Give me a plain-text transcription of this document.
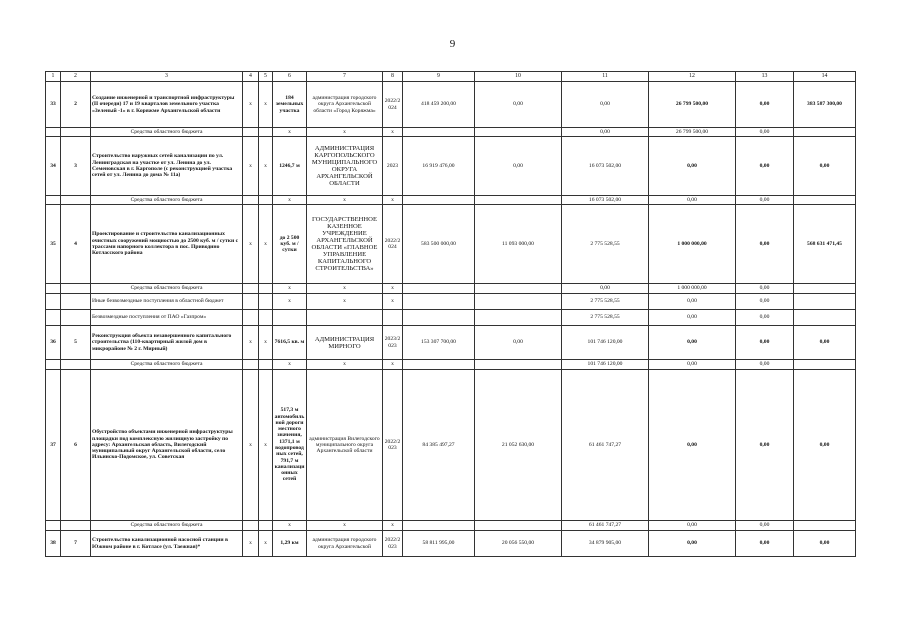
9
1	2	3	4	5	6	7	8	9	10	11	12	13	14
33	2	Создание инженерной и транспортной инфраструктуры (II очереди) 17 и 19 кварталов земельного участка «Зеленый -1» в г. Коряжме Архангельской области	х	х	184 земельных участка	администрация городского округа Архангельской области «Город Коряжма»	2022/2024	418 459 200,00	0,00	0,00	26 799 500,00	0,00	383 587 300,00
		Средства областного бюджета			х	х	х			0,00	26 799 500,00	0,00	
34	3	Строительство наружных сетей канализации по ул. Ленинградская на участке от ул. Ленина до ул. Семеновская в г. Каргополе (с реконструкцией участка сетей от ул. Ленина до дома № 11а)	х	х	1246,7 м	АДМИНИСТРАЦИЯ КАРГОПОЛЬСКОГО МУНИЦИПАЛЬНОГО ОКРУГА АРХАНГЕЛЬСКОЙ ОБЛАСТИ	2023	16 919 476,00	0,00	16 073 502,00	0,00	0,00	0,00
		Средства областного бюджета			х	х	х			16 073 502,00	0,00	0,00	
35	4	Проектирование и строительство канализационных очистных сооружений мощностью до 2500 куб. м / сутки с трассами напорного коллектора в пос. Приводино Котласского района	х	х	до 2 500 куб. м / сутки	ГОСУДАРСТВЕННОЕ КАЗЕННОЕ УЧРЕЖДЕНИЕ АРХАНГЕЛЬСКОЙ ОБЛАСТИ «ГЛАВНОЕ УПРАВЛЕНИЕ КАПИТАЛЬНОГО СТРОИТЕЛЬСТВА»	2022/2024	583 500 000,00	11 093 000,00	2 775 528,55	1 000 000,00	0,00	568 631 471,45
		Средства областного бюджета			х	х	х			0,00	1 000 000,00	0,00	
		Иные безвозмездные поступления в областной бюджет			х	х	х			2 775 528,55	0,00	0,00	
		Безвозмездные поступления от ПАО «Газпром»								2 775 528,55	0,00	0,00	
36	5	Реконструкция объекта незавершенного капитального строительства (110-квартирный жилой дом в микрорайоне № 2 г. Мирный)	х	х	7616,5 кв. м	АДМИНИСТРАЦИЯ МИРНОГО	2023/2023	153 307 700,00	0,00	101 746 120,00	0,00	0,00	0,00
		Средства областного бюджета			х	х	х			101 746 120,00	0,00	0,00	
37	6	Обустройство объектами инженерной инфраструктуры площадки под комплексную жилищную застройку по адресу: Архангельская область, Вилегодский муниципальный округ Архангельской области, село Ильинско-Подомское, ул. Советская	х	х	517,3 м автомобильной дороги местного значения, 1371,1 м водопроводных сетей, 791,7 м канализационных сетей	администрация Вилегодского муниципального округа Архангельской области	2022/2023	84 385 497,27	21 052 630,00	61 461 747,27	0,00	0,00	0,00
		Средства областного бюджета			х	х	х			61 461 747,27	0,00	0,00	
38	7	Строительство канализационной насосной станции в Южном районе в г. Котласе (ул. Таежная)*	х	х	1,29 км	администрация городского округа Архангельской	2022/2023	58 811 995,00	20 056 550,00	34 879 905,00	0,00	0,00	0,00
